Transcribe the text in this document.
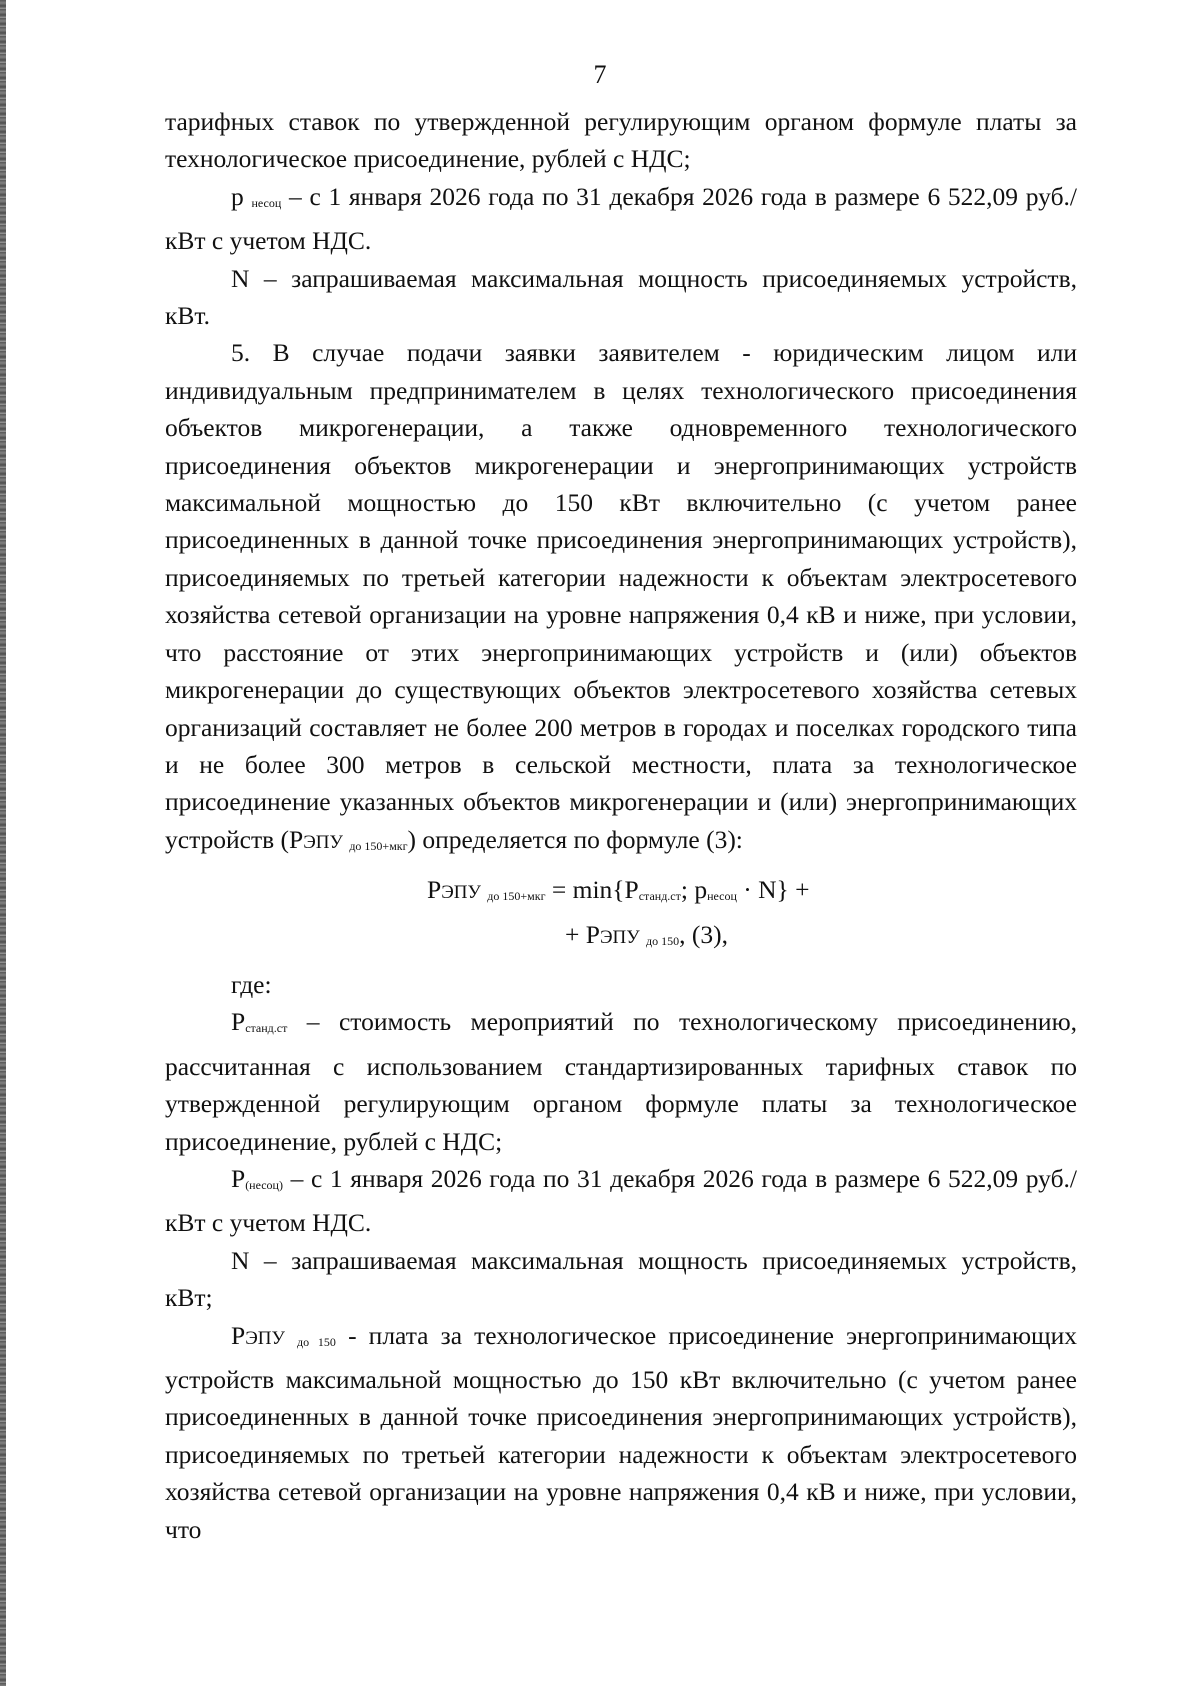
7

тарифных ставок по утвержденной регулирующим органом формуле платы за технологическое присоединение, рублей с НДС;

р $_{несоц}$ – с 1 января 2026 года по 31 декабря 2026 года в размере 6 522,09 руб./кВт с учетом НДС.

N – запрашиваемая максимальная мощность присоединяемых устройств, кВт.

5. В случае подачи заявки заявителем - юридическим лицом или индивидуальным предпринимателем в целях технологического присоединения объектов микрогенерации, а также одновременного технологического присоединения объектов микрогенерации и энергопринимающих устройств максимальной мощностью до 150 кВт включительно (с учетом ранее присоединенных в данной точке присоединения энергопринимающих устройств), присоединяемых по третьей категории надежности к объектам электросетевого хозяйства сетевой организации на уровне напряжения 0,4 кВ и ниже, при условии, что расстояние от этих энергопринимающих устройств и (или) объектов микрогенерации до существующих объектов электросетевого хозяйства сетевых организаций составляет не более 200 метров в городах и поселках городского типа и не более 300 метров в сельской местности, плата за технологическое присоединение указанных объектов микрогенерации и (или) энергопринимающих устройств (РЭПУ $_{до 150+мкг}$) определяется по формуле (3):

РЭПУ $_{до 150+мкг} = \min\{Р_{станд.ст}$; $р_{несоц} \cdot N$} +
+ РЭПУ $_{до 150}$, (3),

где:

$Р_{станд.ст}$ – стоимость мероприятий по технологическому присоединению, рассчитанная с использованием стандартизированных тарифных ставок по утвержденной регулирующим органом формуле платы за технологическое присоединение, рублей с НДС;

$Р_{(несоц)}$ – с 1 января 2026 года по 31 декабря 2026 года в размере 6 522,09 руб./кВт с учетом НДС.

N – запрашиваемая максимальная мощность присоединяемых устройств, кВт;

РЭПУ $_{до 150}$ - плата за технологическое присоединение энергопринимающих устройств максимальной мощностью до 150 кВт включительно (с учетом ранее присоединенных в данной точке присоединения энергопринимающих устройств), присоединяемых по третьей категории надежности к объектам электросетевого хозяйства сетевой организации на уровне напряжения 0,4 кВ и ниже, при условии, что
